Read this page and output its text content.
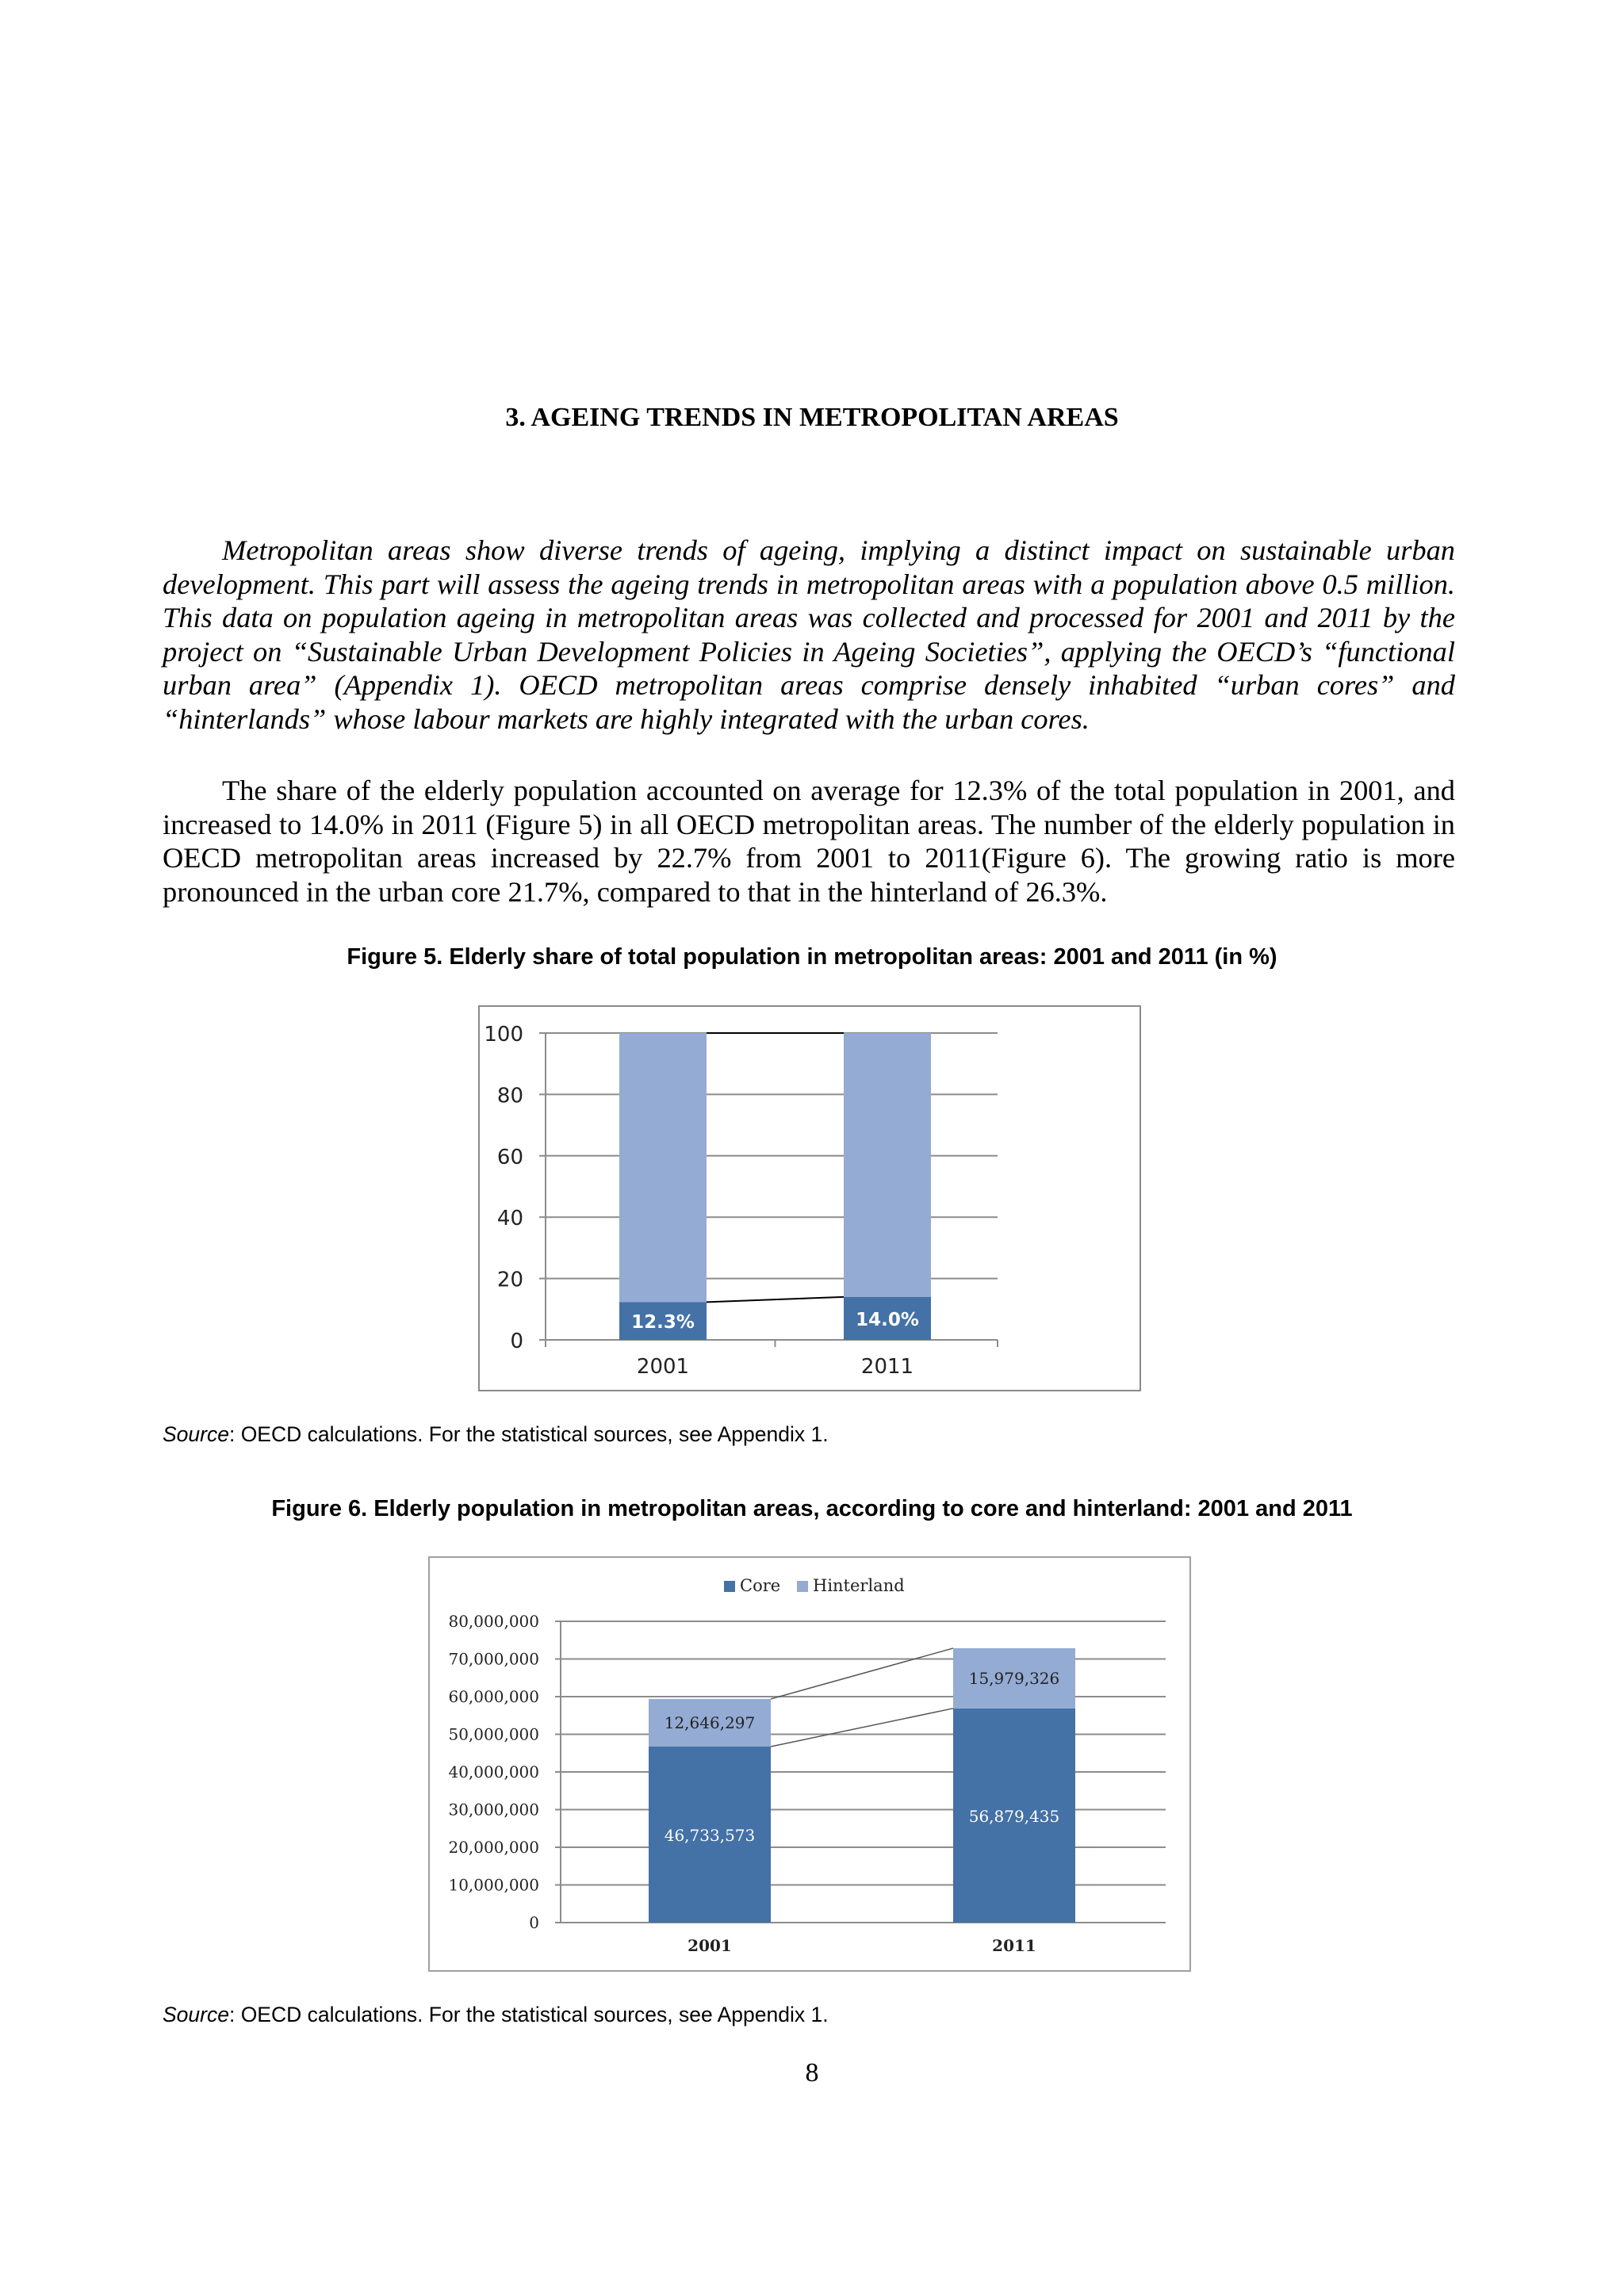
3. AGEING TRENDS IN METROPOLITAN AREAS

Metropolitan areas show diverse trends of ageing, implying a distinct impact on sustainable urban development. This part will assess the ageing trends in metropolitan areas with a population above 0.5 million. This data on population ageing in metropolitan areas was collected and processed for 2001 and 2011 by the project on “Sustainable Urban Development Policies in Ageing Societies”, applying the OECD’s “functional urban area” (Appendix 1). OECD metropolitan areas comprise densely inhabited “urban cores” and “hinterlands” whose labour markets are highly integrated with the urban cores.

The share of the elderly population accounted on average for 12.3% of the total population in 2001, and increased to 14.0% in 2011 (Figure 5) in all OECD metropolitan areas. The number of the elderly population in OECD metropolitan areas increased by 22.7% from 2001 to 2011(Figure 6). The growing ratio is more pronounced in the urban core 21.7%, compared to that in the hinterland of 26.3%.

Figure 5. Elderly share of total population in metropolitan areas: 2001 and 2011 (in %)

0
20
40
60
80
100
12.3%
2001
14.0%
2011

Source: OECD calculations. For the statistical sources, see Appendix 1.

Figure 6. Elderly population in metropolitan areas, according to core and hinterland: 2001 and 2011

0
10,000,000
20,000,000
30,000,000
40,000,000
50,000,000
60,000,000
70,000,000
80,000,000
46,733,573
12,646,297
2001
56,879,435
15,979,326
2011
Core Hinterland

Source: OECD calculations. For the statistical sources, see Appendix 1.

8
